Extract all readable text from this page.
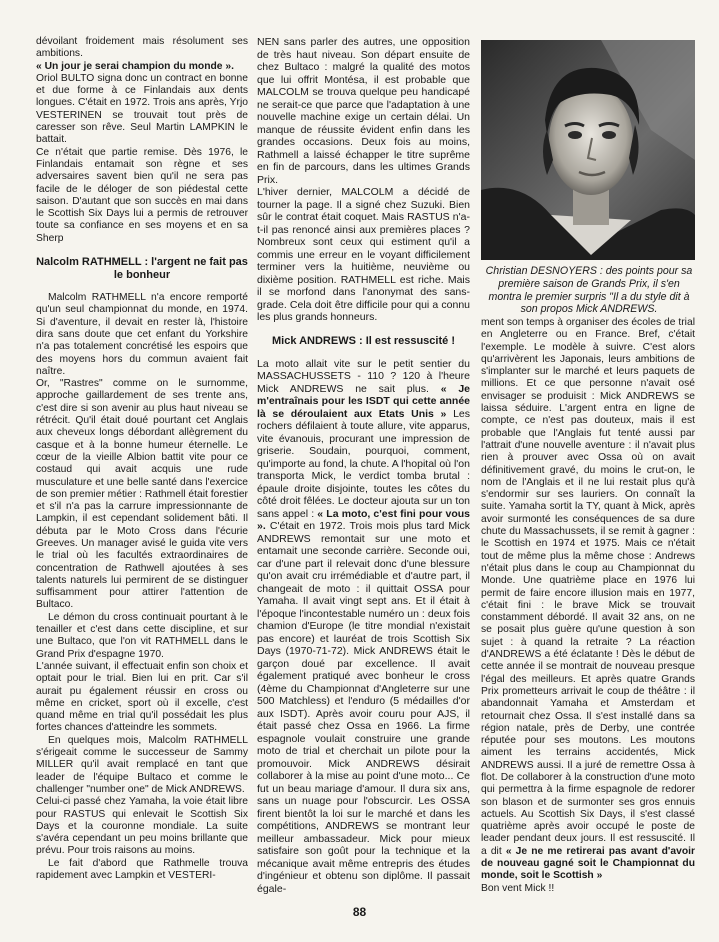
dévoilant froidement mais résolument ses ambitions.

« Un jour je serai champion du monde ».

Oriol BULTO signa donc un contract en bonne et due forme à ce Finlandais aux dents longues. C'était en 1972. Trois ans après, Yrjo VESTERINEN se trouvait tout près de caresser son rêve. Seul Martin LAMPKIN le battait.

Ce n'était que partie remise. Dès 1976, le Finlandais entamait son règne et ses adversaires savent bien qu'il ne sera pas facile de le déloger de son piédestal cette saison. D'autant que son succès en mai dans le Scottish Six Days lui a permis de retrouver toute sa confiance en ses moyens et en sa Sherp

Nalcolm RATHMELL : l'argent ne fait pas le bonheur

Malcolm RATHMELL n'a encore remporté qu'un seul championnat du monde, en 1974. Si d'aventure, il devait en rester là, l'histoire dira sans doute que cet enfant du Yorkshire n'a pas totalement concrétisé les espoirs que des moyens hors du commun avaient fait naître.

Or, "Rastres" comme on le surnomme, approche gaillardement de ses trente ans, c'est dire si son avenir au plus haut niveau se rétrécit. Qu'il était doué pourtant cet Anglais aux cheveux longs débordant allègrement du casque et à la bonne humeur éternelle. Le cœur de la vieille Albion battit vite pour ce costaud qui avait acquis une rude musculature et une belle santé dans l'exercice de son premier métier : Rathmell était forestier et s'il n'a pas la carrure impressionnante de Lampkin, il est cependant solidement bâti. Il débuta par le Moto Cross dans l'écurie Greeves. Un manager avisé le guida vite vers le trial où les facultés extraordinaires de concentration de Rathwell ajoutées à ses talents naturels lui permirent de se distinguer suffisamment pour attirer l'attention de Bultaco.

Le démon du cross continuait pourtant à le tenailler et c'est dans cette discipline, et sur une Bultaco, que l'on vit RATHMELL dans le Grand Prix d'espagne 1970.

L'année suivant, il effectuait enfin son choix et optait pour le trial. Bien lui en prit. Car s'il aurait pu également réussir en cross ou même en cricket, sport où il excelle, c'est quand même en trial qu'il possédait les plus fortes chances d'atteindre les sommets.

En quelques mois, Malcolm RATHMELL s'érigeait comme le successeur de Sammy MILLER qu'il avait remplacé en tant que leader de l'équipe Bultaco et comme le challenger "number one" de Mick ANDREWS.

Celui-ci passé chez Yamaha, la voie était libre pour RASTUS qui enlevait le Scottish Six Days et la couronne mondiale. La suite s'avéra cependant un peu moins brillante que prévu. Pour trois raisons au moins.

Le fait d'abord que Rathmelle trouva rapidement avec Lampkin et VESTERI-

NEN sans parler des autres, une opposition de très haut niveau. Son départ ensuite de chez Bultaco : malgré la qualité des motos que lui offrit Montésa, il est probable que MALCOLM se trouva quelque peu handicapé ne serait-ce que parce que l'adaptation à une nouvelle machine exige un certain délai. Un manque de réussite évident enfin dans les grandes occasions. Deux fois au moins, Rathmell a laissé échapper le titre suprême en fin de parcours, dans les ultimes Grands Prix.

L'hiver dernier, MALCOLM a décidé de tourner la page. Il a signé chez Suzuki. Bien sûr le contrat était coquet. Mais RASTUS n'a-t-il pas renoncé ainsi aux premières places ? Nombreux sont ceux qui estiment qu'il a commis une erreur en le voyant difficilement terminer vers la huitième, neuvième ou dixième position. RATHMELL est riche. Mais il se morfond dans l'anonymat des sans-grade. Cela doit être difficile pour qui a connu les plus grands honneurs.

Mick ANDREWS : Il est ressuscité !

La moto allait vite sur le petit sentier du MASSACHUSSETS - 110 ? 120 à l'heure Mick ANDREWS ne sait plus. « Je m'entraînais pour les ISDT qui cette année là se déroulaient aux Etats Unis » Les rochers défilaient à toute allure, vite apparus, vite évanouis, procurant une impression de griserie. Soudain, pourquoi, comment, qu'importe au fond, la chute. A l'hopital où l'on transporta Mick, le verdict tomba brutal : épaule droite disjointe, toutes les côtes du côté droit fêlées. Le docteur ajouta sur un ton sans appel : « La moto, c'est fini pour vous ». C'était en 1972. Trois mois plus tard Mick ANDREWS remontait sur une moto et entamait une seconde carrière. Seconde oui, car d'une part il relevait donc d'une blessure qu'on avait cru irrémédiable et d'autre part, il changeait de moto : il quittait OSSA pour Yamaha. Il avait vingt sept ans. Et il était à l'époque l'incontestable numéro un : deux fois chamion d'Europe (le titre mondial n'existait pas encore) et lauréat de trois Scottish Six Days (1970-71-72). Mick ANDREWS était le garçon doué par excellence. Il avait également pratiqué avec bonheur le cross (4ème du Championnat d'Angleterre sur une 500 Matchless) et l'enduro (5 médailles d'or aux ISDT). Après avoir couru pour AJS, il était passé chez Ossa en 1966. La firme espagnole voulait construire une grande moto de trial et cherchait un pilote pour la promouvoir. Mick ANDREWS désirait collaborer à la mise au point d'une moto... Ce fut un beau mariage d'amour. Il dura six ans, sans un nuage pour l'obscurcir. Les OSSA firent bientôt la loi sur le marché et dans les compétitions, ANDREWS se montrant leur meilleur ambassadeur. Mick pour mieux satisfaire son goût pour la technique et la mécanique avait même entrepris des études d'ingénieur et obtenu son diplôme. Il passait égale-

Christian DESNOYERS : des points pour sa première saison de Grands Prix, il s'en montra le premier surpris "Il a du style dit à son propos Mick ANDREWS.

ment son temps à organiser des écoles de trial en Angleterre ou en France. Bref, c'était l'exemple. Le modèle à suivre. C'est alors qu'arrivèrent les Japonais, leurs ambitions de s'implanter sur le marché et leurs paquets de millions. Et ce que personne n'avait osé envisager se produisit : Mick ANDREWS se laissa séduire. L'argent entra en ligne de compte, ce n'est pas douteux, mais il est probable que l'Anglais fut tenté aussi par l'attrait d'une nouvelle aventure : il n'avait plus rien à prouver avec Ossa où on avait définitivement gravé, du moins le crut-on, le nom de l'Anglais et il ne lui restait plus qu'à s'endormir sur ses lauriers. On connaît la suite. Yamaha sortit la TY, quant à Mick, après avoir surmonté les conséquences de sa dure chute du Massachussets, il se remit à gagner : le Scottish en 1974 et 1975. Mais ce n'était tout de même plus la même chose : Andrews n'était plus dans le coup au Championnat du Monde. Une quatrième place en 1976 lui permit de faire encore illusion mais en 1977, c'était fini : le brave Mick se trouvait constamment débordé. Il avait 32 ans, on ne se posait plus guère qu'une question à son sujet : à quand la retraite ? La réaction d'ANDREWS a été éclatante ! Dès le début de cette année il se montrait de nouveau presque l'égal des meilleurs. Et après quatre Grands Prix prometteurs arrivait le coup de théâtre : il abandonnait Yamaha et Amsterdam et retournait chez Ossa. Il s'est installé dans sa région natale, près de Derby, une contrée réputée pour ses moutons. Les moutons aiment les terrains accidentés, Mick ANDREWS aussi. Il a juré de remettre Ossa à flot. De collaborer à la construction d'une moto qui permettra à la firme espagnole de redorer son blason et de surmonter ses gros ennuis actuels. Au Scottish Six Days, il s'est classé quatrième après avoir occupé le poste de leader pendant deux jours. Il est ressuscité. Il a dit « Je ne me retirerai pas avant d'avoir de nouveau gagné soit le Championnat du monde, soit le Scottish »

Bon vent Mick !!

88
